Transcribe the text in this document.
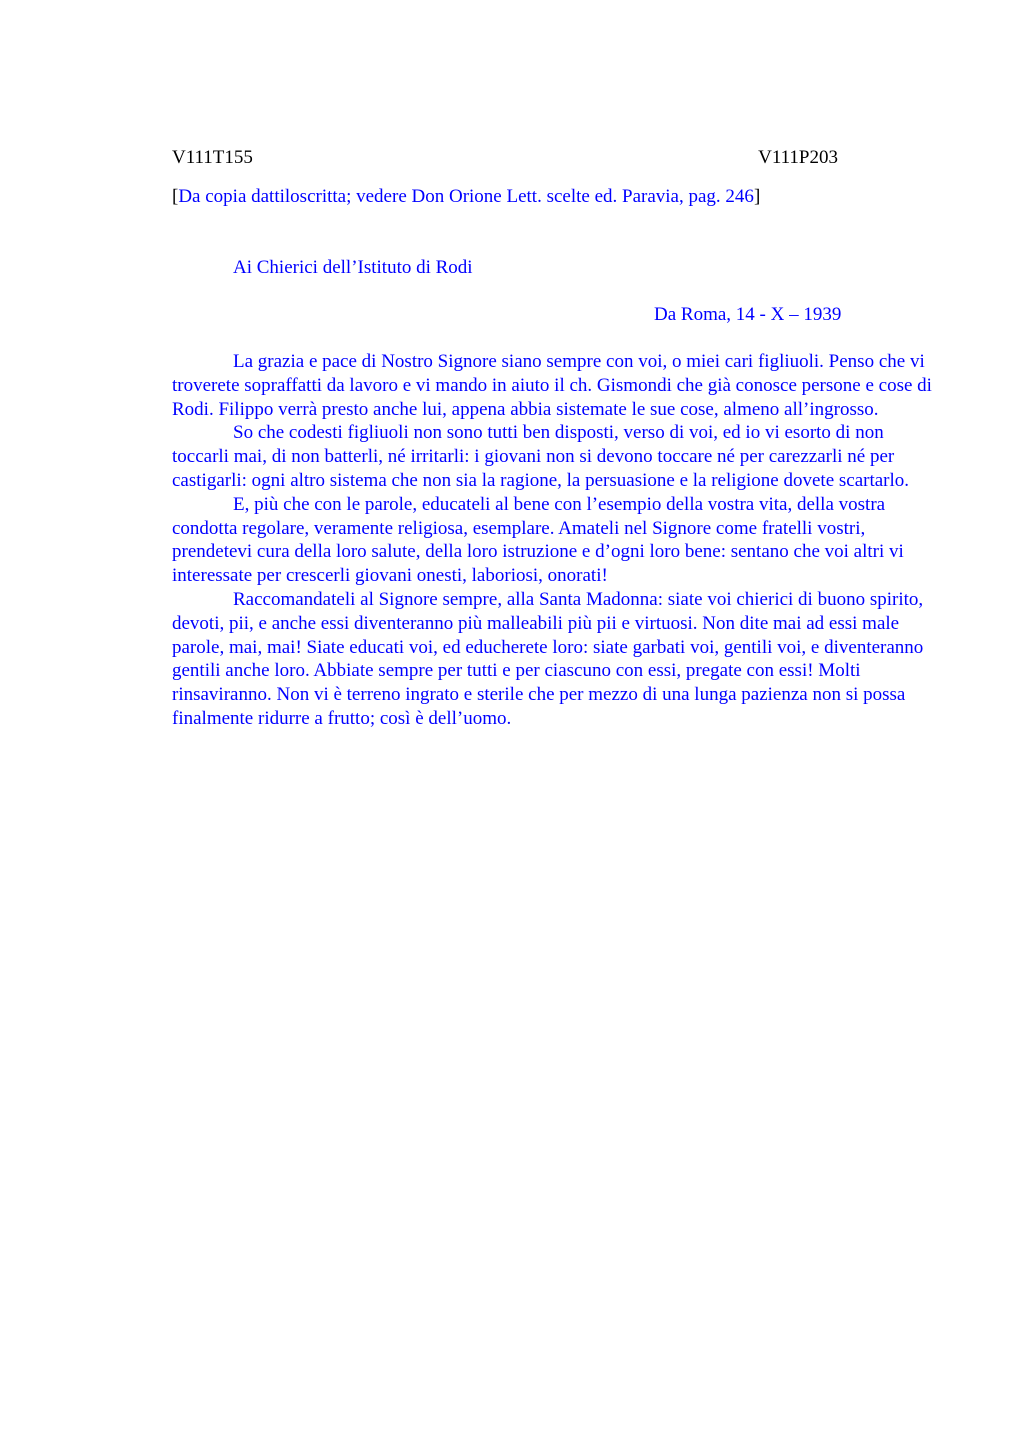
V111T155	V111P203
[Da copia dattiloscritta; vedere Don Orione Lett. scelte ed. Paravia, pag. 246]
Ai Chierici dell’Istituto di Rodi
Da Roma, 14 - X – 1939

La grazia e pace di Nostro Signore siano sempre con voi, o miei cari figliuoli. Penso che vi troverete sopraffatti da lavoro e vi mando in aiuto il ch. Gismondi che già conosce persone e cose di Rodi. Filippo verrà presto anche lui, appena abbia sistemate le sue cose, almeno all’ingrosso.

So che codesti figliuoli non sono tutti ben disposti, verso di voi, ed io vi esorto di non toccarli mai, di non batterli, né irritarli: i giovani non si devono toccare né per carezzarli né per castigarli: ogni altro sistema che non sia la ragione, la persuasione e la religione dovete scartarlo.

E, più che con le parole, educateli al bene con l’esempio della vostra vita, della vostra condotta regolare, veramente religiosa, esemplare. Amateli nel Signore come fratelli vostri, prendetevi cura della loro salute, della loro istruzione e d’ogni loro bene: sentano che voi altri vi interessate per crescerli giovani onesti, laboriosi, onorati!

Raccomandateli al Signore sempre, alla Santa Madonna: siate voi chierici di buono spirito, devoti, pii, e anche essi diventeranno più malleabili più pii e virtuosi. Non dite mai ad essi male parole, mai, mai! Siate educati voi, ed educherete loro: siate garbati voi, gentili voi, e diventeranno gentili anche loro. Abbiate sempre per tutti e per ciascuno con essi, pregate con essi! Molti rinsaviranno. Non vi è terreno ingrato e sterile che per mezzo di una lunga pazienza non si possa finalmente ridurre a frutto; così è dell’uomo.
